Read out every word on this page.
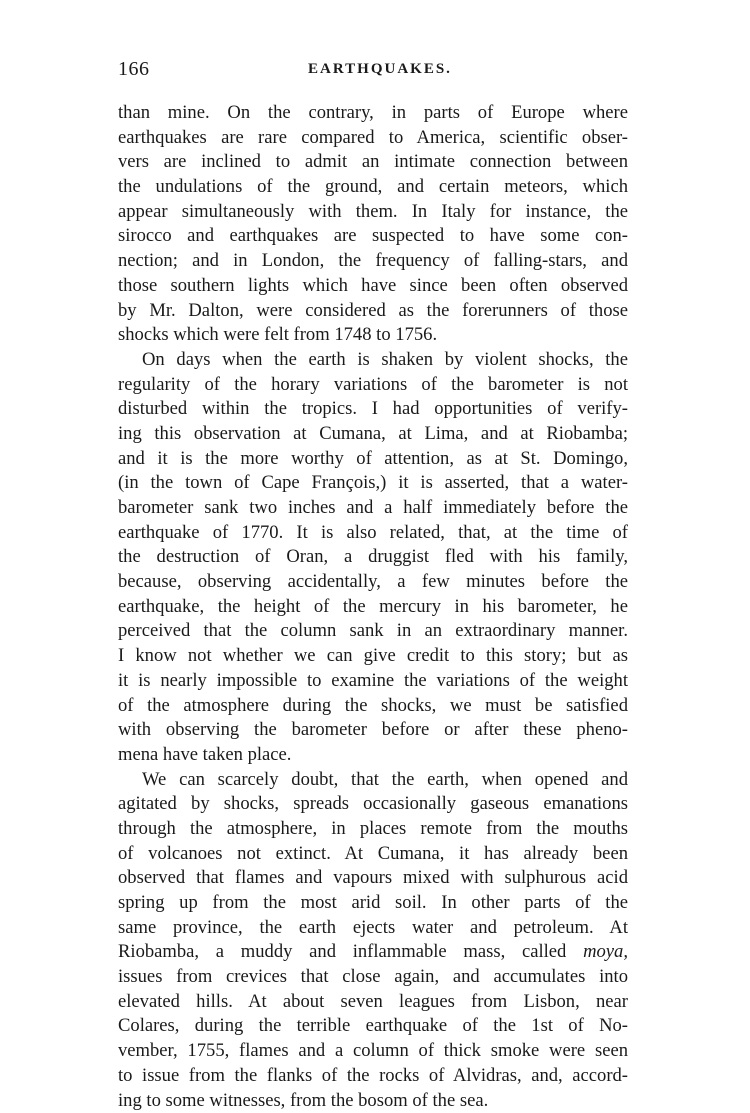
166	EARTHQUAKES.
than mine. On the contrary, in parts of Europe where
earthquakes are rare compared to America, scientific obser-
vers are inclined to admit an intimate connection between
the undulations of the ground, and certain meteors, which
appear simultaneously with them. In Italy for instance, the
sirocco and earthquakes are suspected to have some con-
nection; and in London, the frequency of falling-stars, and
those southern lights which have since been often observed
by Mr. Dalton, were considered as the forerunners of those
shocks which were felt from 1748 to 1756.
On days when the earth is shaken by violent shocks, the
regularity of the horary variations of the barometer is not
disturbed within the tropics. I had opportunities of verify-
ing this observation at Cumana, at Lima, and at Riobamba;
and it is the more worthy of attention, as at St. Domingo,
(in the town of Cape François,) it is asserted, that a water-
barometer sank two inches and a half immediately before the
earthquake of 1770. It is also related, that, at the time of
the destruction of Oran, a druggist fled with his family,
because, observing accidentally, a few minutes before the
earthquake, the height of the mercury in his barometer, he
perceived that the column sank in an extraordinary manner.
I know not whether we can give credit to this story; but as
it is nearly impossible to examine the variations of the weight
of the atmosphere during the shocks, we must be satisfied
with observing the barometer before or after these pheno-
mena have taken place.
We can scarcely doubt, that the earth, when opened and
agitated by shocks, spreads occasionally gaseous emanations
through the atmosphere, in places remote from the mouths
of volcanoes not extinct. At Cumana, it has already been
observed that flames and vapours mixed with sulphurous acid
spring up from the most arid soil. In other parts of the
same province, the earth ejects water and petroleum. At
Riobamba, a muddy and inflammable mass, called moya,
issues from crevices that close again, and accumulates into
elevated hills. At about seven leagues from Lisbon, near
Colares, during the terrible earthquake of the 1st of No-
vember, 1755, flames and a column of thick smoke were seen
to issue from the flanks of the rocks of Alvidras, and, accord-
ing to some witnesses, from the bosom of the sea.
